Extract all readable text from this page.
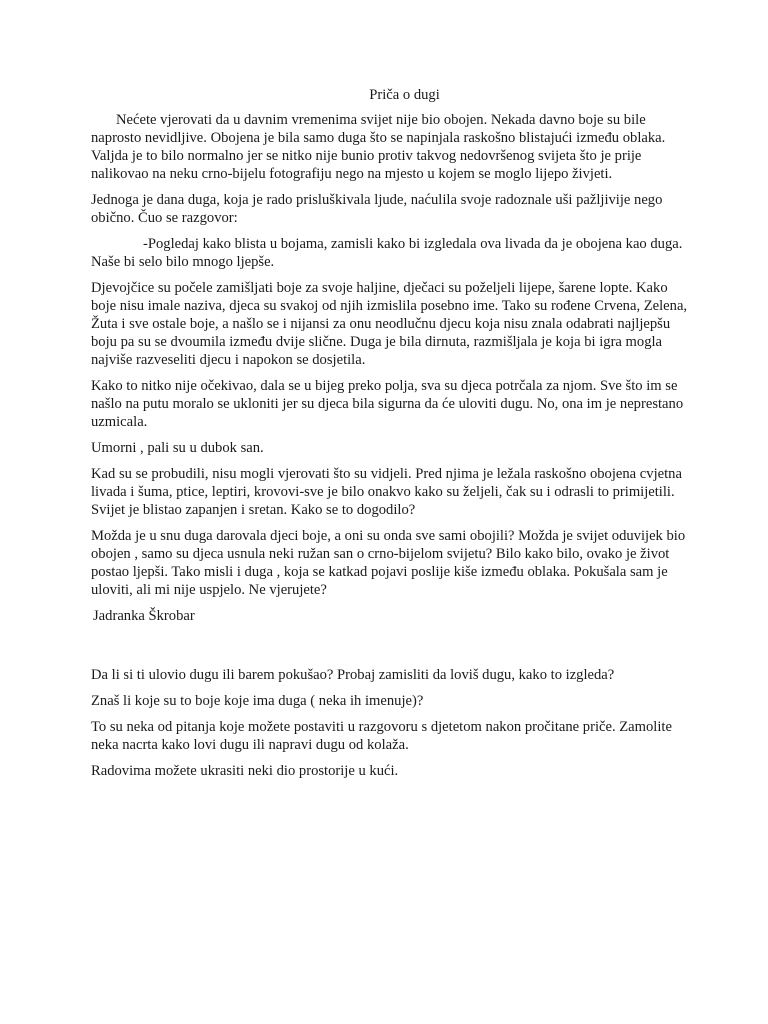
Priča o dugi

Nećete vjerovati da u davnim vremenima svijet nije bio obojen. Nekada davno boje su bile naprosto nevidljive. Obojena je bila samo duga što se napinjala raskošno blistajući između oblaka. Valjda je to bilo normalno jer se nitko nije bunio protiv takvog nedovršenog svijeta što je prije nalikovao na neku crno-bijelu fotografiju nego na mjesto u kojem se moglo lijepo živjeti.

Jednoga je dana duga, koja je rado prisluškivala ljude, naćulila svoje radoznale uši pažljivije nego obično. Čuo se razgovor:

-Pogledaj kako blista u bojama, zamisli kako bi izgledala ova livada da je obojena kao duga. Naše bi selo bilo mnogo ljepše.

Djevojčice su počele zamišljati boje za svoje haljine, dječaci su poželjeli lijepe, šarene lopte. Kako boje nisu imale naziva, djeca su svakoj od njih izmislila posebno ime. Tako su rođene Crvena, Zelena, Žuta i sve ostale boje, a našlo se i nijansi za onu neodlučnu djecu koja nisu znala odabrati najljepšu boju pa su se dvoumila između dvije slične. Duga je bila dirnuta, razmišljala je koja bi igra mogla najviše razveseliti djecu i napokon se dosjetila.

Kako to nitko nije očekivao, dala se u bijeg preko polja, sva su djeca potrčala za njom. Sve što im se našlo na putu moralo se ukloniti jer su djeca bila sigurna da će uloviti dugu. No, ona im je neprestano uzmicala.

Umorni , pali su u dubok san.

Kad su se probudili, nisu mogli vjerovati što su vidjeli. Pred njima je ležala raskošno obojena cvjetna livada i šuma, ptice, leptiri, krovovi-sve je bilo onakvo kako su željeli, čak su i odrasli to primijetili. Svijet je blistao zapanjen i sretan. Kako se to dogodilo?

Možda je u snu duga darovala djeci boje, a oni su onda sve sami obojili? Možda je svijet oduvijek bio obojen , samo su djeca usnula neki ružan san o crno-bijelom svijetu? Bilo kako bilo, ovako je život postao ljepši. Tako misli i duga , koja se katkad pojavi poslije kiše između oblaka. Pokušala sam je uloviti, ali mi nije uspjelo. Ne vjerujete?

Jadranka Škrobar

Da li si ti ulovio dugu ili barem pokušao? Probaj zamisliti da loviš dugu, kako to izgleda?

Znaš li koje su to boje koje ima duga ( neka ih imenuje)?

To su neka od pitanja koje možete postaviti u razgovoru s djetetom nakon pročitane priče. Zamolite neka nacrta kako lovi dugu ili napravi dugu od kolaža.

Radovima možete ukrasiti neki dio prostorije u kući.
